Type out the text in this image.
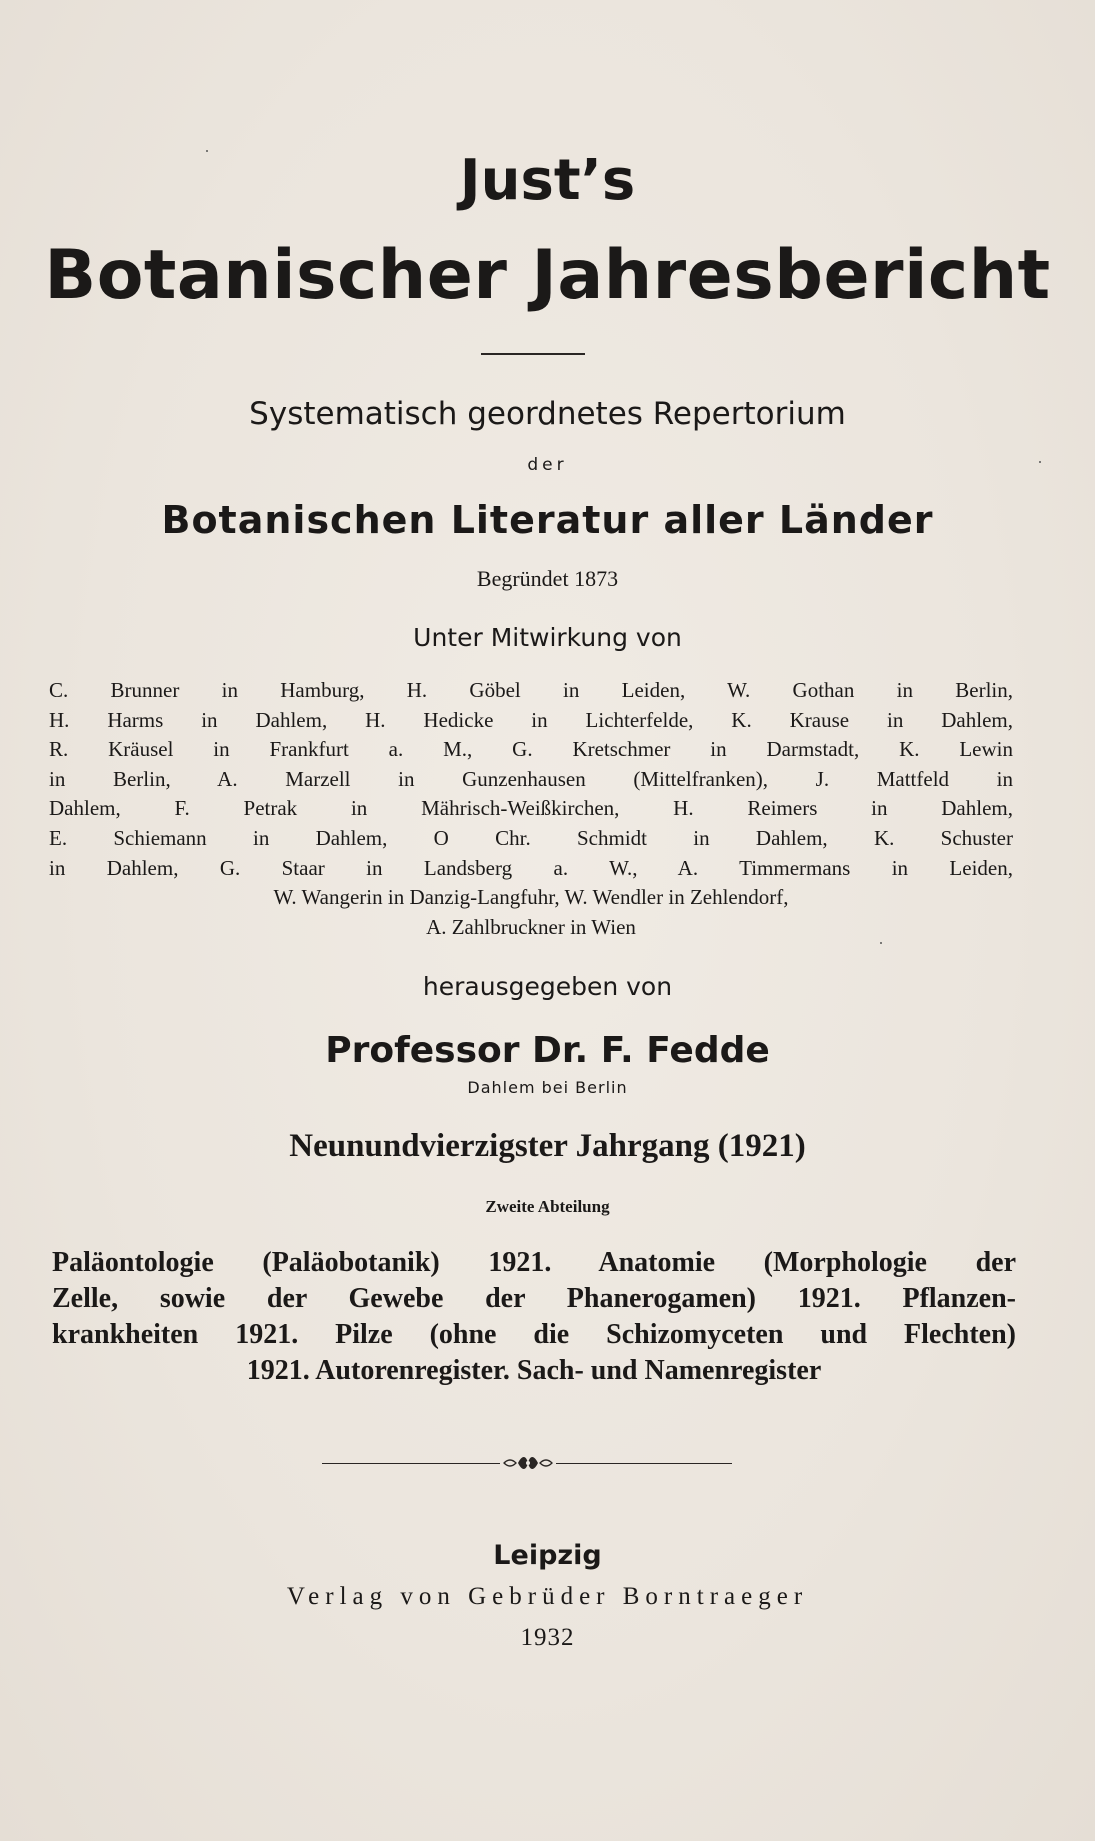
Just’s
Botanischer Jahresbericht
Systematisch geordnetes Repertorium
der
Botanischen Literatur aller Länder
Begründet 1873
Unter Mitwirkung von
C. Brunner in Hamburg, H. Göbel in Leiden, W. Gothan in Berlin,
H. Harms in Dahlem, H. Hedicke in Lichterfelde, K. Krause in Dahlem,
R. Kräusel in Frankfurt a. M., G. Kretschmer in Darmstadt, K. Lewin
in Berlin, A. Marzell in Gunzenhausen (Mittelfranken), J. Mattfeld in
Dahlem, F. Petrak in Mährisch-Weißkirchen, H. Reimers in Dahlem,
E. Schiemann in Dahlem, O Chr. Schmidt in Dahlem, K. Schuster
in Dahlem, G. Staar in Landsberg a. W., A. Timmermans in Leiden,
W. Wangerin in Danzig-Langfuhr, W. Wendler in Zehlendorf,
A. Zahlbruckner in Wien
herausgegeben von
Professor Dr. F. Fedde
Dahlem bei Berlin
Neunundvierzigster Jahrgang (1921)
Zweite Abteilung
Paläontologie (Paläobotanik) 1921. Anatomie (Morphologie der
Zelle, sowie der Gewebe der Phanerogamen) 1921. Pflanzen-
krankheiten 1921. Pilze (ohne die Schizomyceten und Flechten)
1921. Autorenregister. Sach- und Namenregister
Leipzig
Verlag von Gebrüder Borntraeger
1932
